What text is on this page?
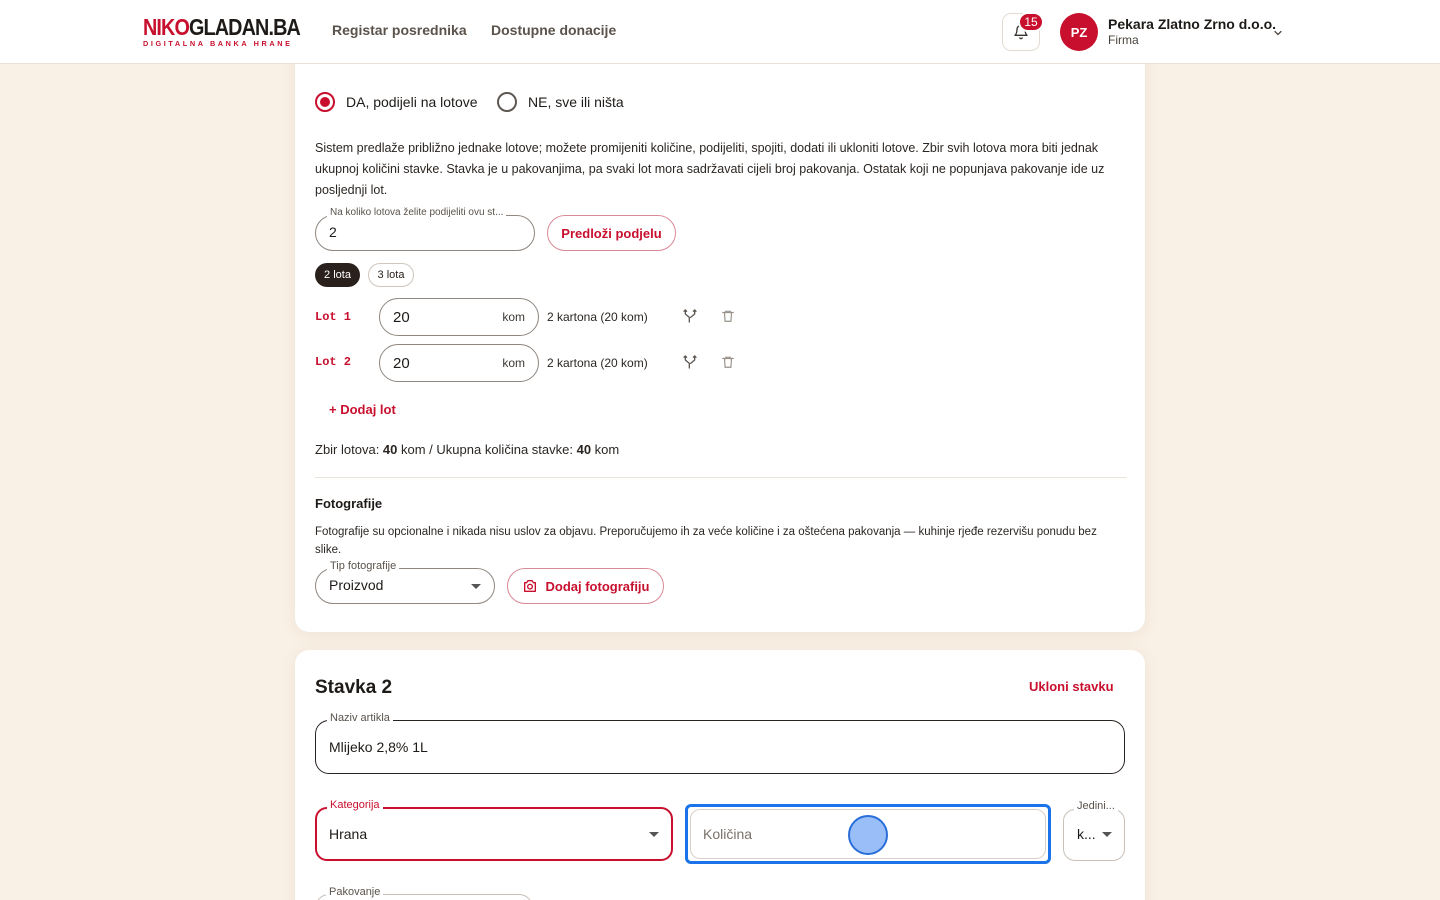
NIKOGLADAN.BA
DIGITALNA BANKA HRANE
Registar posrednika Dostupne donacije	15
PZ	Pekara Zlatno Zrno d.o.o.
Firma
DA, podijeli na lotove	NE, sve ili ništa
Sistem predlaže približno jednake lotove; možete promijeniti količine, podijeliti, spojiti, dodati ili ukloniti lotove. Zbir svih lotova mora biti jednak ukupnoj količini stavke. Stavka je u pakovanjima, pa svaki lot mora sadržavati cijeli broj pakovanja. Ostatak koji ne popunjava pakovanje ide uz posljednji lot.
Na koliko lotova želite podijeliti ovu st...
2	Predloži podjelu
2 lota	3 lota
Lot 1	20	kom 2 kartona (20 kom)
Lot 2	20	kom 2 kartona (20 kom)
+ Dodaj lot
Zbir lotova: 40 kom / Ukupna količina stavke: 40 kom
Fotografije
Fotografije su opcionalne i nikada nisu uslov za objavu. Preporučujemo ih za veće količine i za oštećena pakovanja — kuhinje rjeđe rezervišu ponudu bez slike.
Tip fotografije
Proizvod	Dodaj fotografiju
Stavka 2	Ukloni stavku
Naziv artikla
Mlijeko 2,8% 1L
Kategorija
Hrana	Količina
Jedini...
k...
Pakovanje
